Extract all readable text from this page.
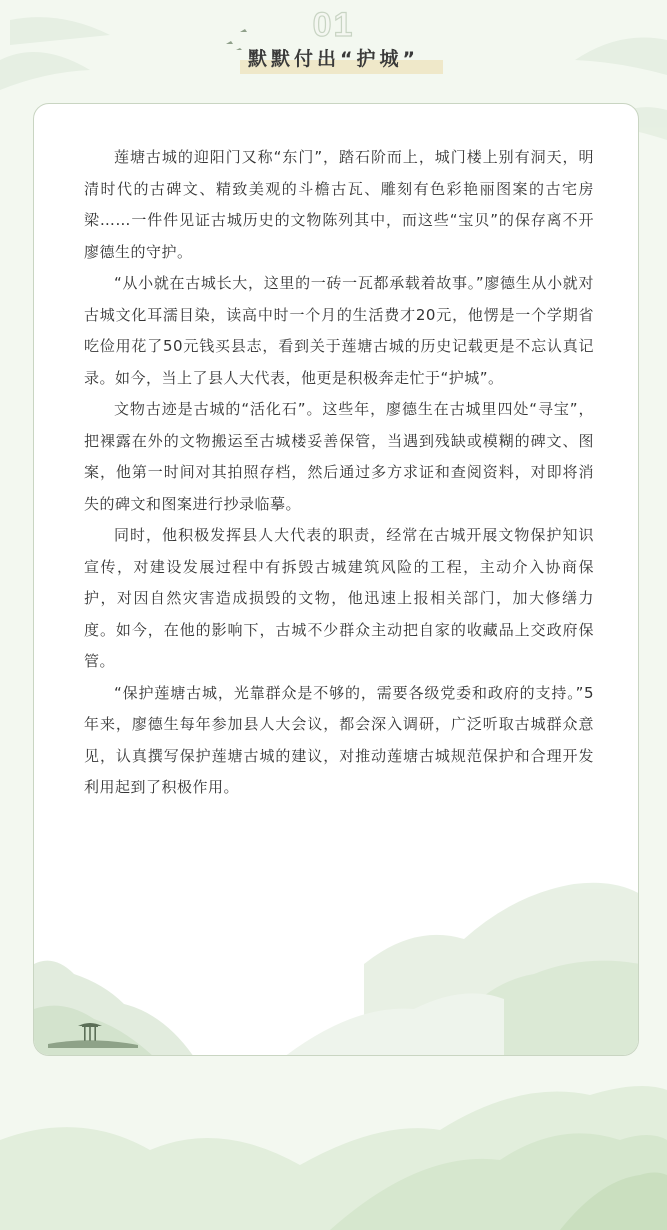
01
默默付出“护城”

莲塘古城的迎阳门又称“东门”，踏石阶而上，城门楼上别有洞天，明清时代的古碑文、精致美观的斗檐古瓦、雕刻有色彩艳丽图案的古宅房梁……一件件见证古城历史的文物陈列其中，而这些“宝贝”的保存离不开廖德生的守护。

“从小就在古城长大，这里的一砖一瓦都承载着故事。”廖德生从小就对古城文化耳濡目染，读高中时一个月的生活费才20元，他愣是一个学期省吃俭用花了50元钱买县志，看到关于莲塘古城的历史记载更是不忘认真记录。如今，当上了县人大代表，他更是积极奔走忙于“护城”。

文物古迹是古城的“活化石”。这些年，廖德生在古城里四处“寻宝”，把裸露在外的文物搬运至古城楼妥善保管，当遇到残缺或模糊的碑文、图案，他第一时间对其拍照存档，然后通过多方求证和查阅资料，对即将消失的碑文和图案进行抄录临摹。

同时，他积极发挥县人大代表的职责，经常在古城开展文物保护知识宣传，对建设发展过程中有拆毁古城建筑风险的工程，主动介入协商保护，对因自然灾害造成损毁的文物，他迅速上报相关部门，加大修缮力度。如今，在他的影响下，古城不少群众主动把自家的收藏品上交政府保管。

“保护莲塘古城，光靠群众是不够的，需要各级党委和政府的支持。”5年来，廖德生每年参加县人大会议，都会深入调研，广泛听取古城群众意见，认真撰写保护莲塘古城的建议，对推动莲塘古城规范保护和合理开发利用起到了积极作用。
